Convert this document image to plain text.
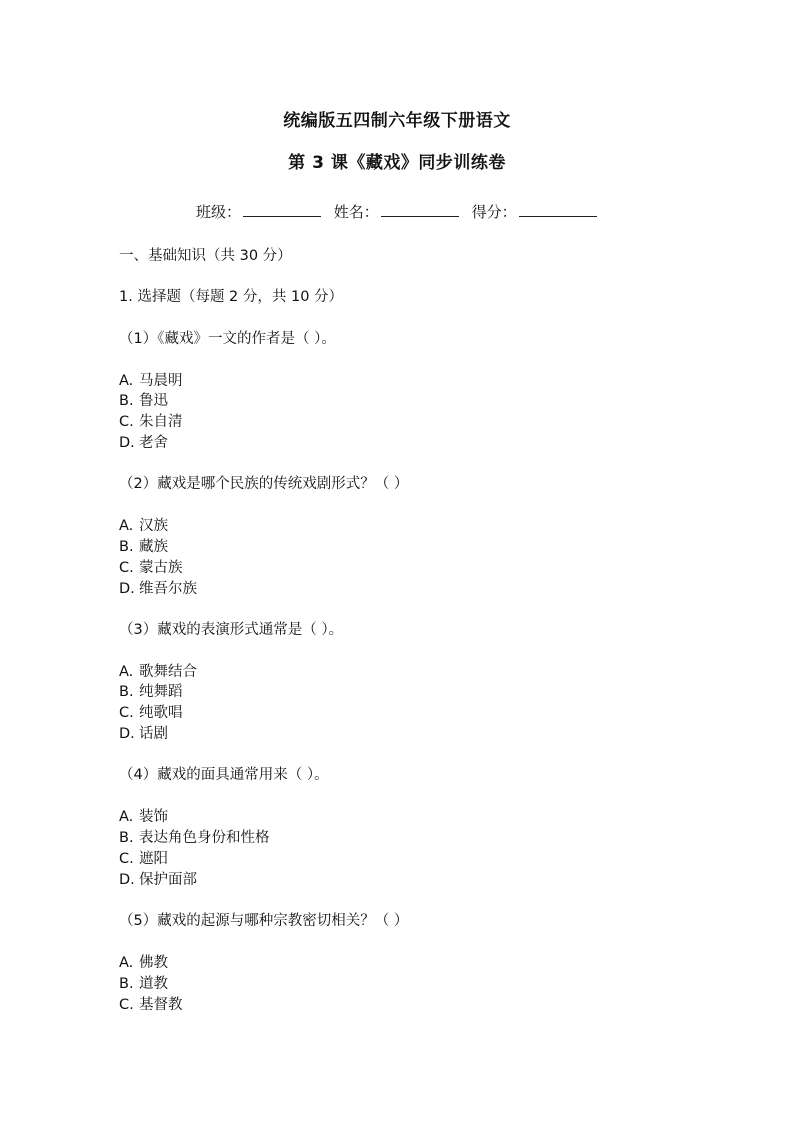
统编版五四制六年级下册语文
第 3 课《藏戏》同步训练卷
班级：	姓名：	得分：
一、基础知识（共 30 分）
1. 选择题（每题 2 分，共 10 分）
（1）《藏戏》一文的作者是（ ）。
A. 马晨明
B. 鲁迅
C. 朱自清
D. 老舍
（2）藏戏是哪个民族的传统戏剧形式？（ ）
A. 汉族
B. 藏族
C. 蒙古族
D. 维吾尔族
（3）藏戏的表演形式通常是（ ）。
A. 歌舞结合
B. 纯舞蹈
C. 纯歌唱
D. 话剧
（4）藏戏的面具通常用来（ ）。
A. 装饰
B. 表达角色身份和性格
C. 遮阳
D. 保护面部
（5）藏戏的起源与哪种宗教密切相关？（ ）
A. 佛教
B. 道教
C. 基督教
